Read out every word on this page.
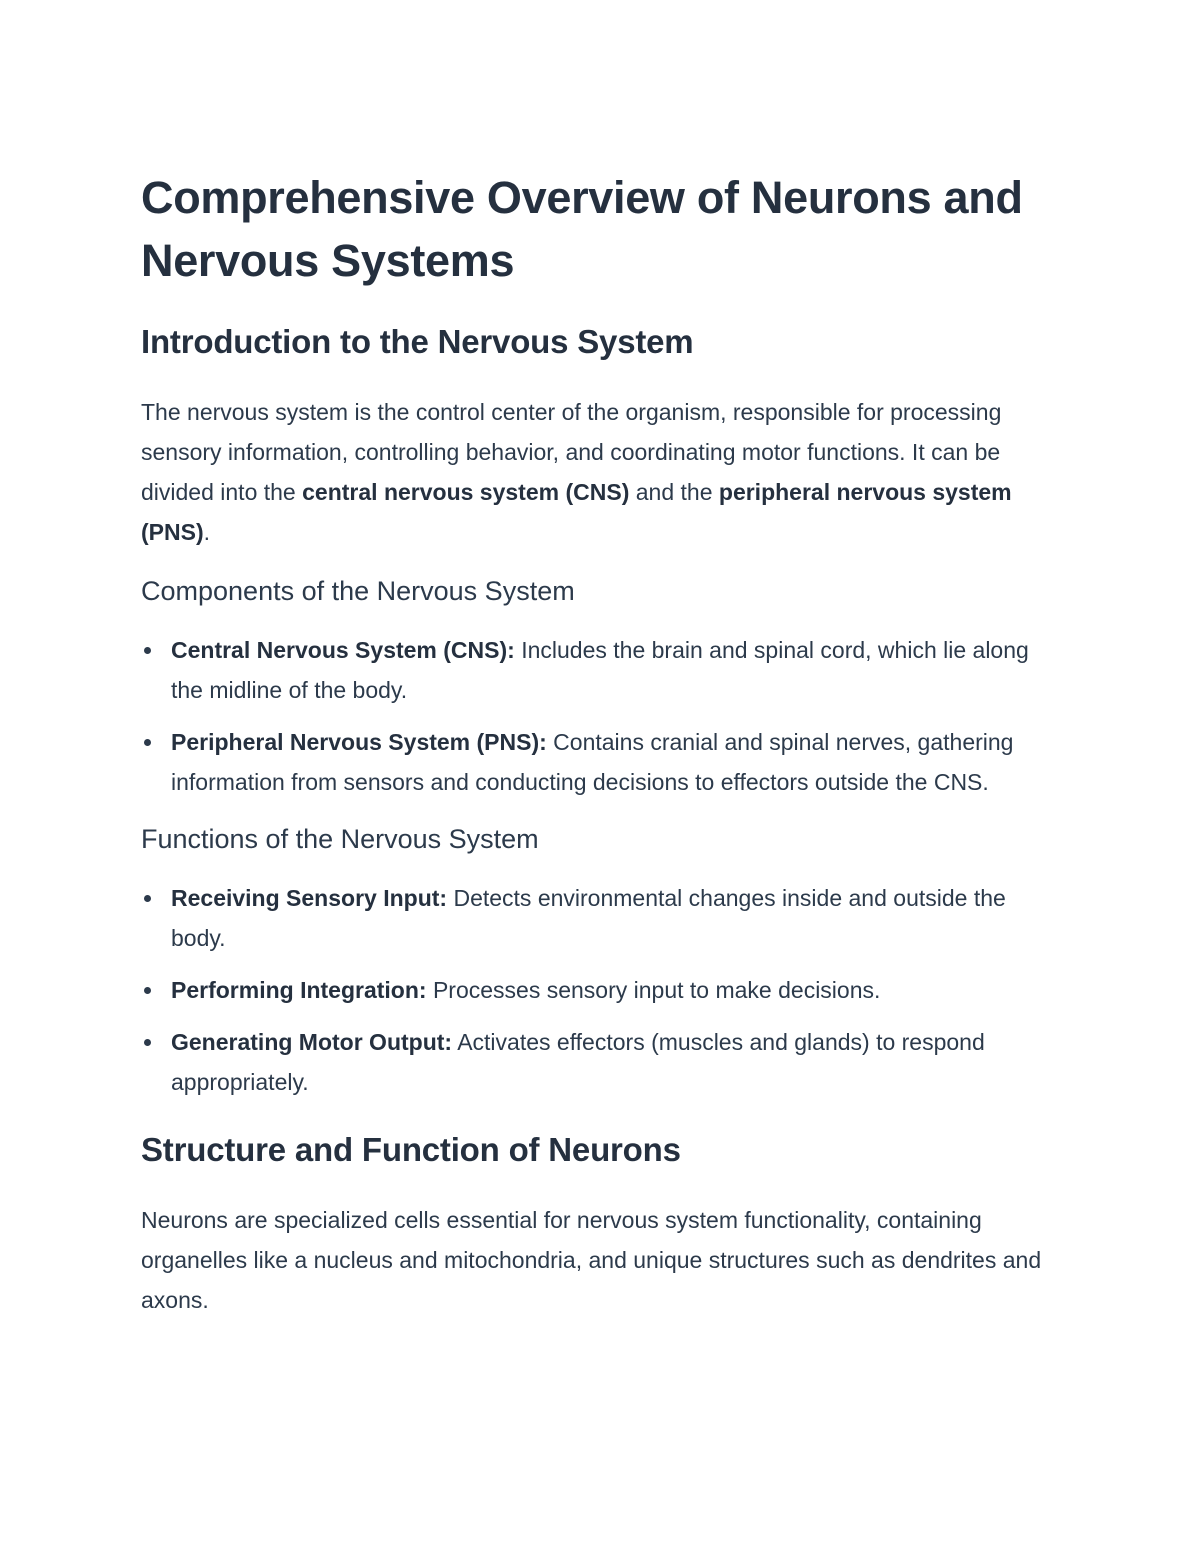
Comprehensive Overview of Neurons and Nervous Systems
Introduction to the Nervous System

The nervous system is the control center of the organism, responsible for processing sensory information, controlling behavior, and coordinating motor functions. It can be divided into the central nervous system (CNS) and the peripheral nervous system (PNS).

Components of the Nervous System
Central Nervous System (CNS): Includes the brain and spinal cord, which lie along the midline of the body.
Peripheral Nervous System (PNS): Contains cranial and spinal nerves, gathering information from sensors and conducting decisions to effectors outside the CNS.
Functions of the Nervous System
Receiving Sensory Input: Detects environmental changes inside and outside the body.
Performing Integration: Processes sensory input to make decisions.
Generating Motor Output: Activates effectors (muscles and glands) to respond appropriately.
Structure and Function of Neurons

Neurons are specialized cells essential for nervous system functionality, containing organelles like a nucleus and mitochondria, and unique structures such as dendrites and axons.
